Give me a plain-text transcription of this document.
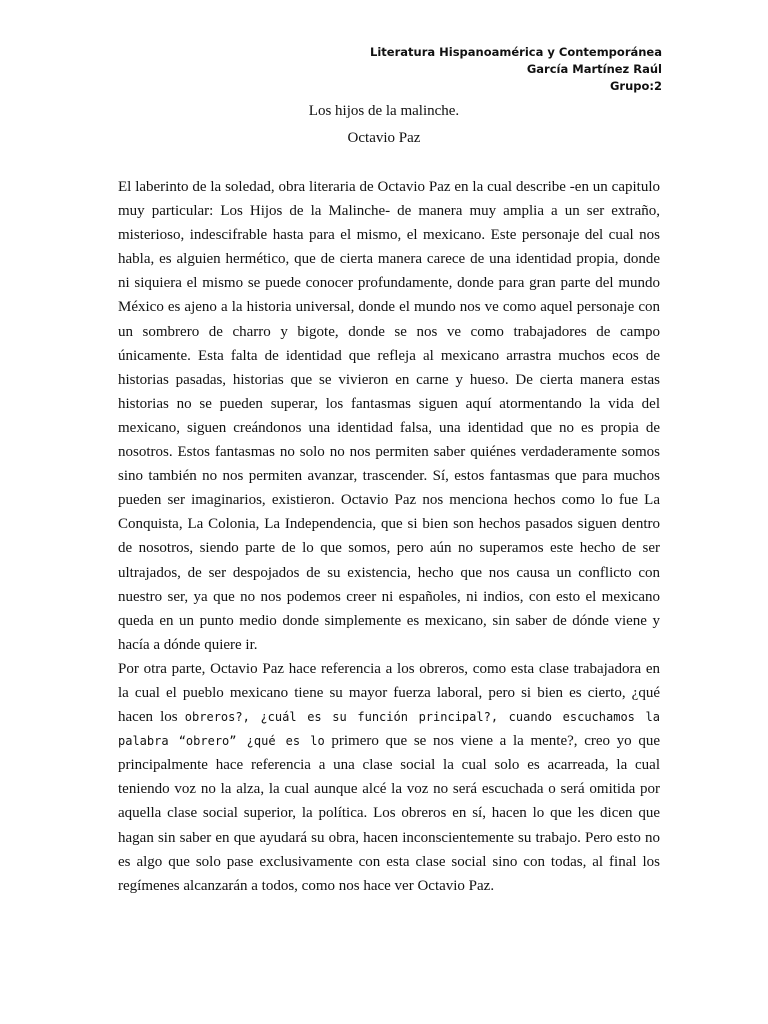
Literatura Hispanoamérica y Contemporánea
García Martínez Raúl
Grupo:2
Los hijos de la malinche.
Octavio Paz

El laberinto de la soledad, obra literaria de Octavio Paz en la cual describe -en un capitulo muy particular: Los Hijos de la Malinche- de manera muy amplia a un ser extraño, misterioso, indescifrable hasta para el mismo, el mexicano. Este personaje del cual nos habla, es alguien hermético, que de cierta manera carece de una identidad propia, donde ni siquiera el mismo se puede conocer profundamente, donde para gran parte del mundo México es ajeno a la historia universal, donde el mundo nos ve como aquel personaje con un sombrero de charro y bigote, donde se nos ve como trabajadores de campo únicamente. Esta falta de identidad que refleja al mexicano arrastra muchos ecos de historias pasadas, historias que se vivieron en carne y hueso. De cierta manera estas historias no se pueden superar, los fantasmas siguen aquí atormentando la vida del mexicano, siguen creándonos una identidad falsa, una identidad que no es propia de nosotros. Estos fantasmas no solo no nos permiten saber quiénes verdaderamente somos sino también no nos permiten avanzar, trascender. Sí, estos fantasmas que para muchos pueden ser imaginarios, existieron. Octavio Paz nos menciona hechos como lo fue La Conquista, La Colonia, La Independencia, que si bien son hechos pasados siguen dentro de nosotros, siendo parte de lo que somos, pero aún no superamos este hecho de ser ultrajados, de ser despojados de su existencia, hecho que nos causa un conflicto con nuestro ser, ya que no nos podemos creer ni españoles, ni indios, con esto el mexicano queda en un punto medio donde simplemente es mexicano, sin saber de dónde viene y hacía a dónde quiere ir.

Por otra parte, Octavio Paz hace referencia a los obreros, como esta clase trabajadora en la cual el pueblo mexicano tiene su mayor fuerza laboral, pero si bien es cierto, ¿qué hacen los obreros?, ¿cuál es su función principal?, cuando escuchamos la palabra “obrero” ¿qué es lo primero que se nos viene a la mente?, creo yo que principalmente hace referencia a una clase social la cual solo es acarreada, la cual teniendo voz no la alza, la cual aunque alcé la voz no será escuchada o será omitida por aquella clase social superior, la política. Los obreros en sí, hacen lo que les dicen que hagan sin saber en que ayudará su obra, hacen inconscientemente su trabajo. Pero esto no es algo que solo pase exclusivamente con esta clase social sino con todas, al final los regímenes alcanzarán a todos, como nos hace ver Octavio Paz.
